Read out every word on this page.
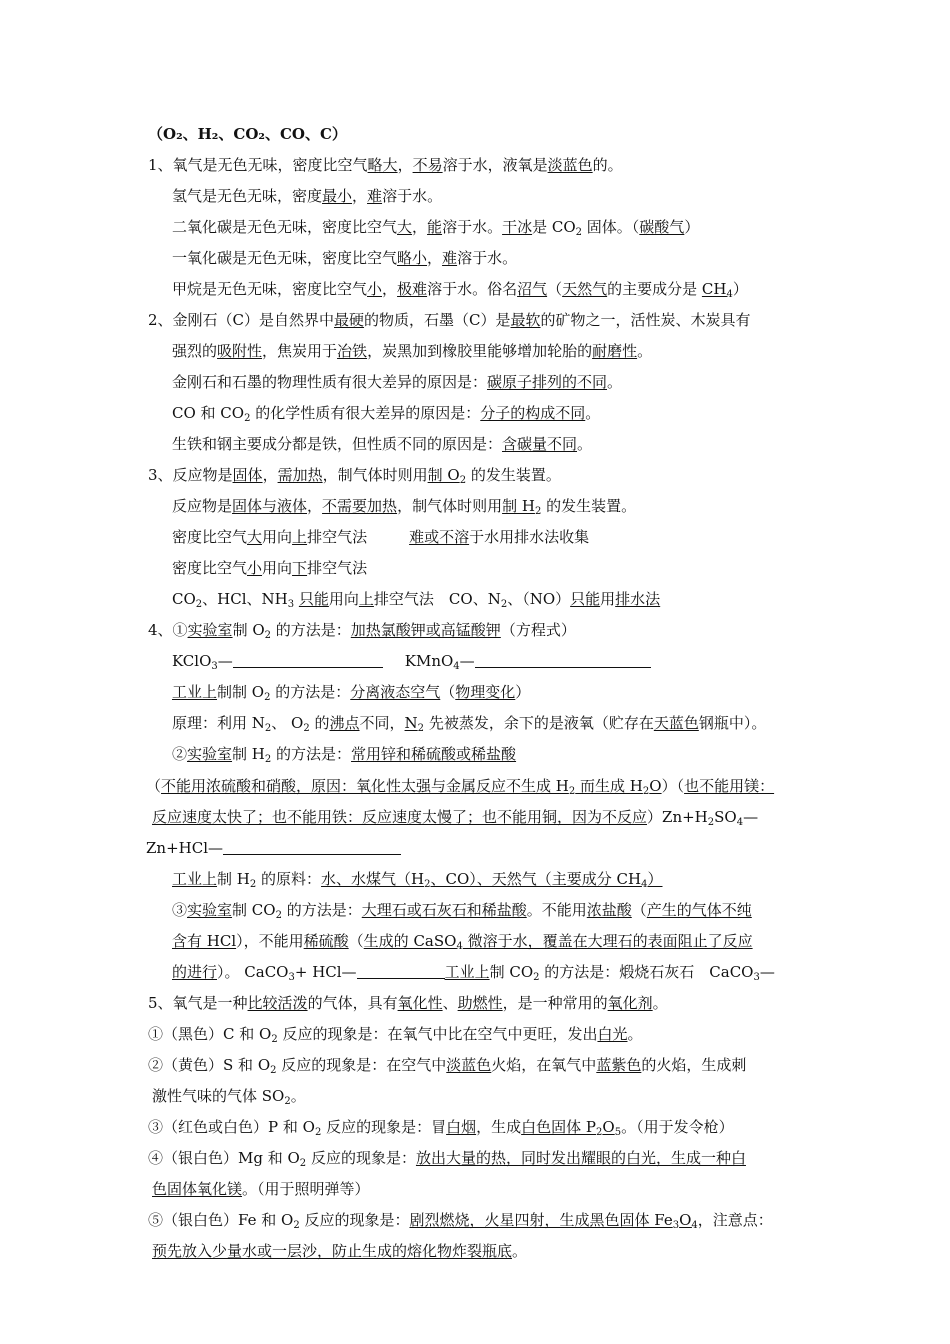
（O₂、H₂、CO₂、CO、C）
1、氧气是无色无味，密度比空气略大，不易溶于水，液氧是淡蓝色的。
氢气是无色无味，密度最小，难溶于水。
二氧化碳是无色无味，密度比空气大，能溶于水。干冰是 $CO_2$ 固体。（碳酸气）
一氧化碳是无色无味，密度比空气略小，难溶于水。
甲烷是无色无味，密度比空气小，极难溶于水。俗名沼气（天然气的主要成分是 $CH_4$）
2、金刚石（C）是自然界中最硬的物质，石墨（C）是最软的矿物之一，活性炭、木炭具有
强烈的吸附性，焦炭用于冶铁，炭黑加到橡胶里能够增加轮胎的耐磨性。
金刚石和石墨的物理性质有很大差异的原因是：碳原子排列的不同。
CO 和 $CO_2$ 的化学性质有很大差异的原因是：分子的构成不同。
生铁和钢主要成分都是铁，但性质不同的原因是：含碳量不同。
3、反应物是固体，需加热，制气体时则用制 $O_2$ 的发生装置。
反应物是固体与液体，不需要加热，制气体时则用制 $H_2$ 的发生装置。
密度比空气大用向上排空气法	难或不溶于水用排水法收集
密度比空气小用向下排空气法
$CO_2$、HCl、$NH_3$ 只能用向上排空气法　CO、$N_2$、（NO）只能用排水法
4、①实验室制 $O_2$ 的方法是：加热氯酸钾或高锰酸钾（方程式）
KClO$_3$—	KMnO$_4$—
工业上制制 $O_2$ 的方法是：分离液态空气（物理变化）
原理：利用 $N_2$、 $O_2$ 的沸点不同，$N_2$ 先被蒸发，余下的是液氧（贮存在天蓝色钢瓶中）。
②实验室制 $H_2$ 的方法是：常用锌和稀硫酸或稀盐酸
（不能用浓硫酸和硝酸，原因：氧化性太强与金属反应不生成 $H_2$ 而生成 $H_2O$）（也不能用镁：
反应速度太快了；也不能用铁：反应速度太慢了；也不能用铜，因为不反应）$Zn+H_2SO_4—$
Zn+HCl—
工业上制 $H_2$ 的原料：水、水煤气（$H_2$、CO）、天然气（主要成分 $CH_4$）
③实验室制 $CO_2$ 的方法是：大理石或石灰石和稀盐酸。不能用浓盐酸（产生的气体不纯
含有 HCl），不能用稀硫酸（生成的 CaSO$_4$ 微溶于水，覆盖在大理石的表面阻止了反应
的进行）。 CaCO$_3$+ HCl—	工业上制 $CO_2$ 的方法是：煅烧石灰石　CaCO$_3$—
5、氧气是一种比较活泼的气体，具有氧化性、助燃性，是一种常用的氧化剂。
①（黑色）C 和 $O_2$ 反应的现象是：在氧气中比在空气中更旺，发出白光。
②（黄色）S 和 $O_2$ 反应的现象是：在空气中淡蓝色火焰，在氧气中蓝紫色的火焰，生成刺
激性气味的气体 $SO_2$。
③（红色或白色）P 和 $O_2$ 反应的现象是：冒白烟，生成白色固体 $P_2O_5$。（用于发令枪）
④（银白色）Mg 和 $O_2$ 反应的现象是：放出大量的热，同时发出耀眼的白光，生成一种白
色固体氧化镁。（用于照明弹等）
⑤（银白色）Fe 和 $O_2$ 反应的现象是：剧烈燃烧，火星四射，生成黑色固体 $Fe_3O_4$，注意点：
预先放入少量水或一层沙，防止生成的熔化物炸裂瓶底。
